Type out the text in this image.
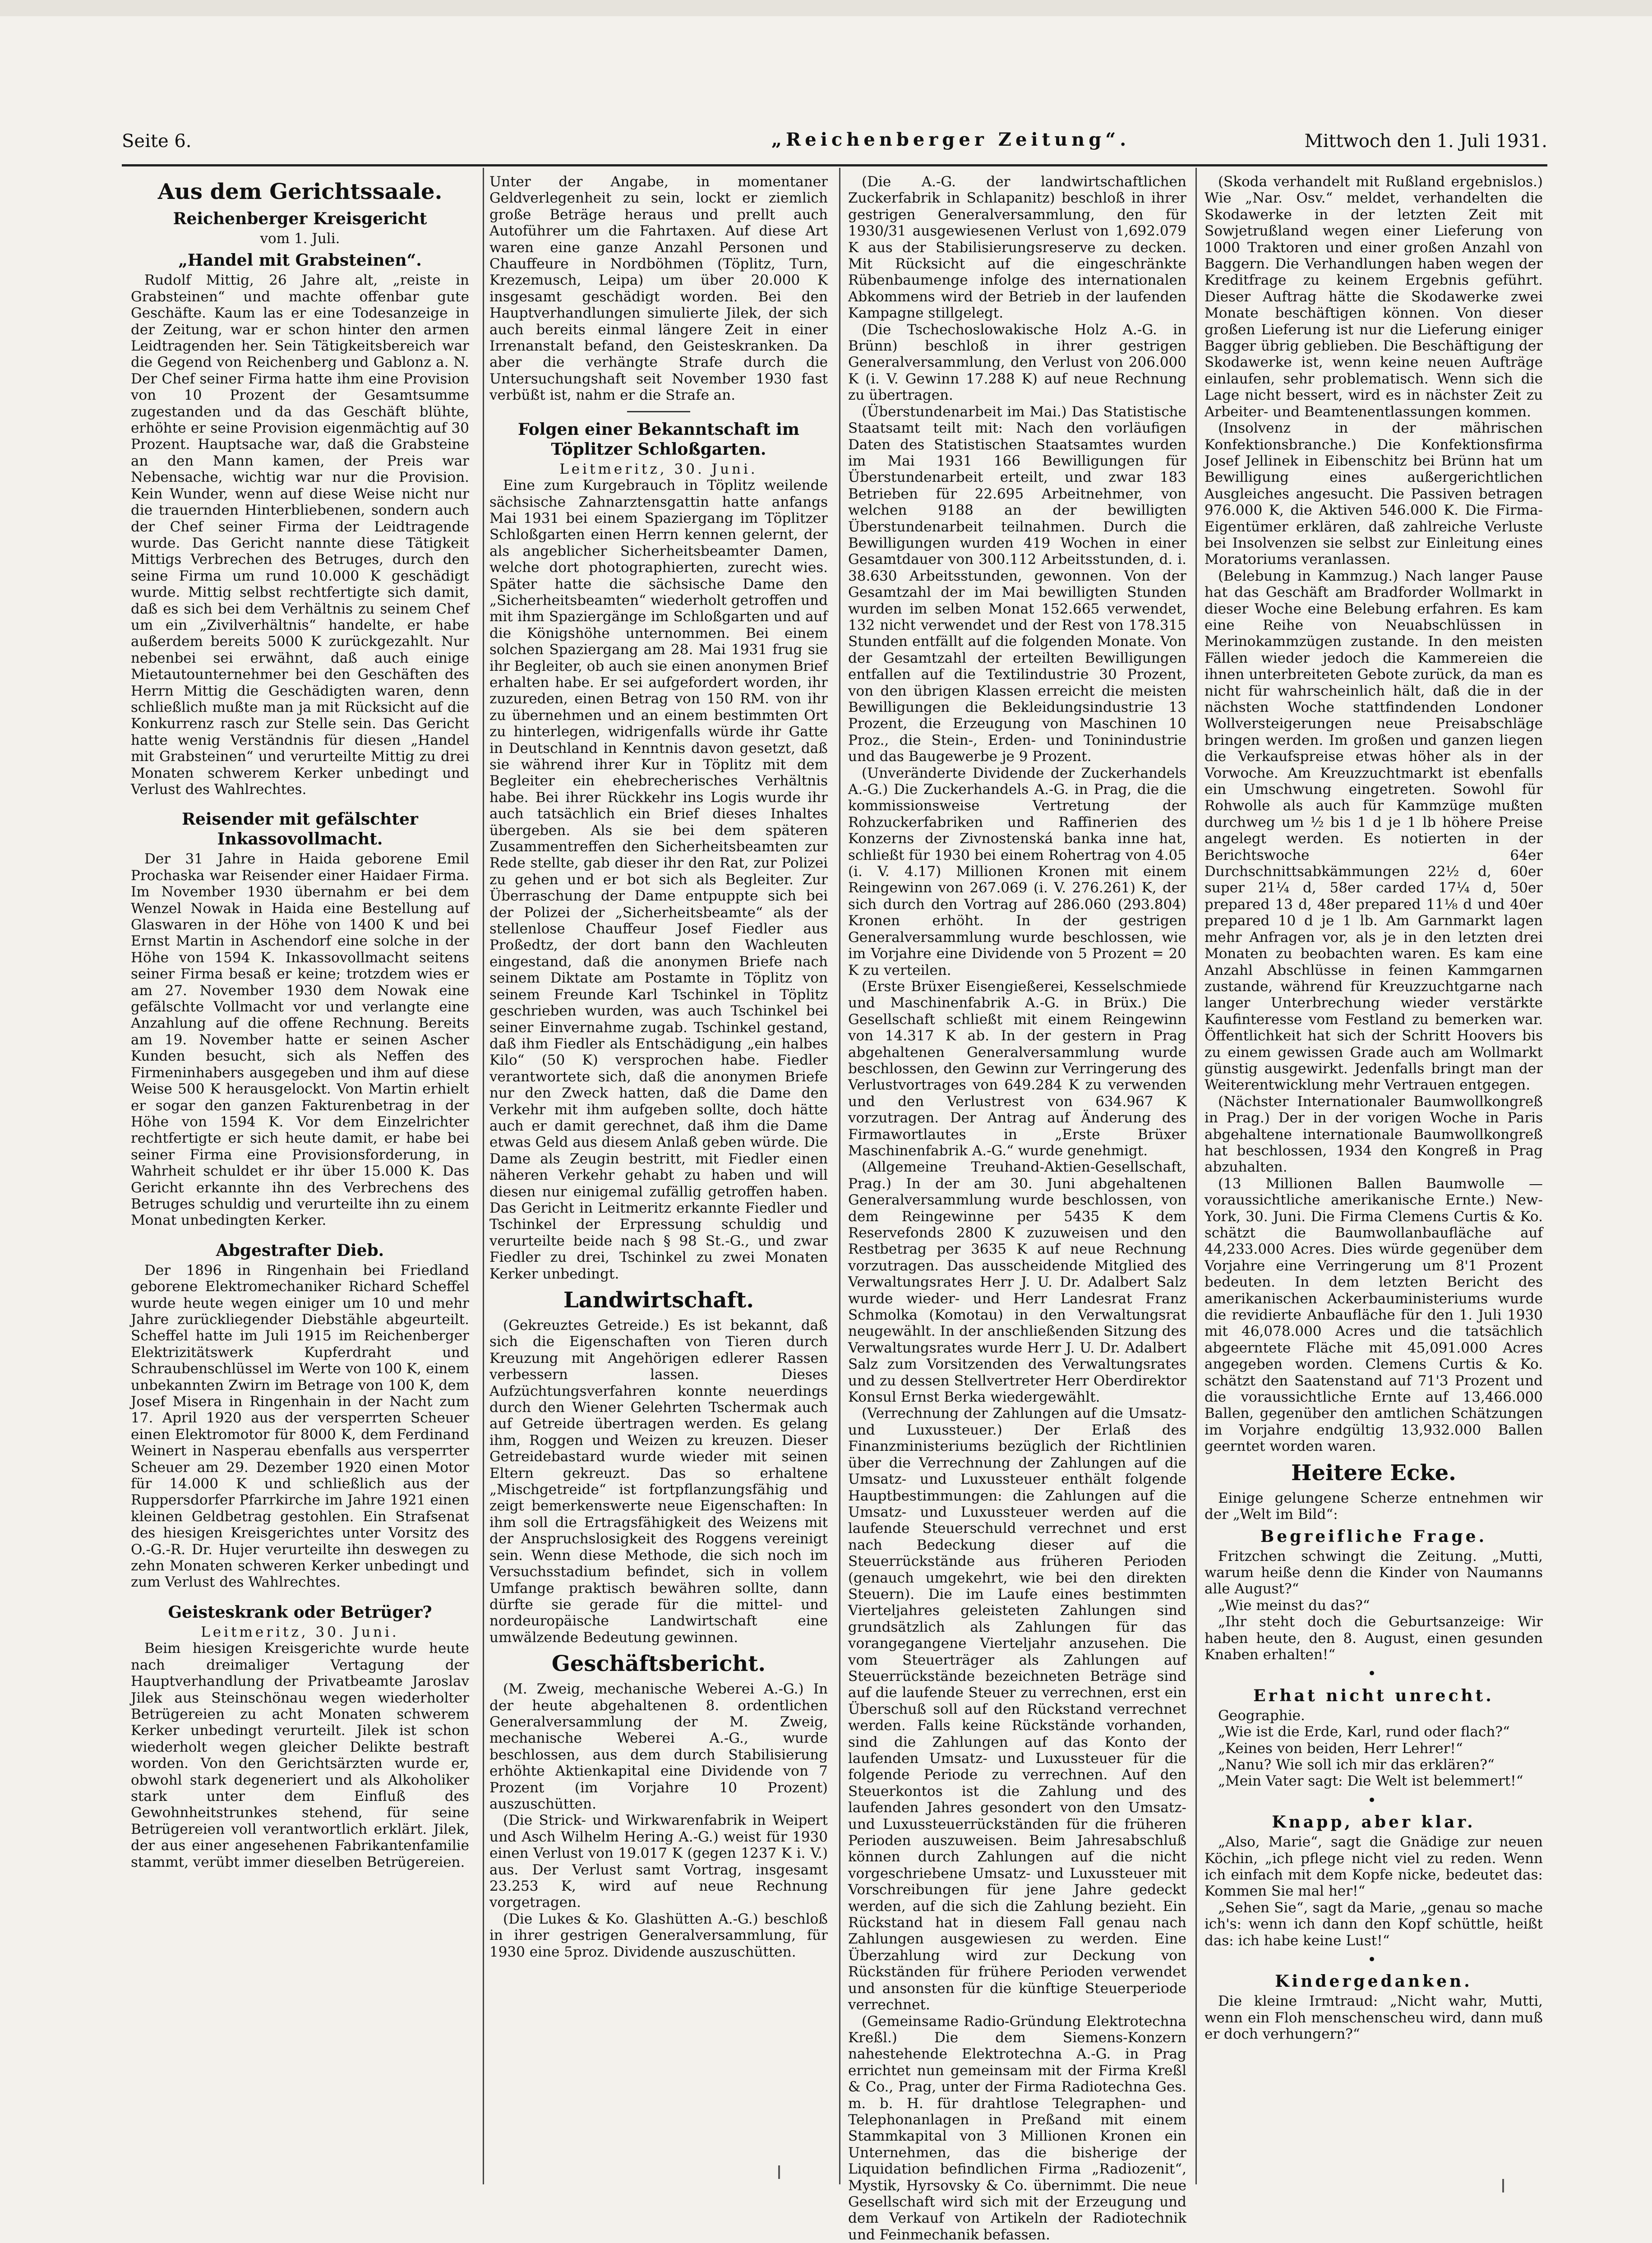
Seite 6.	„Reichenberger Zeitung“.	Mittwoch den 1. Juli 1931.
Aus dem Gerichtssaale.
Reichenberger Kreisgericht

vom 1. Juli.

„Handel mit Grabsteinen“.

Rudolf Mittig, 26 Jahre alt, „reiste in Grabsteinen“ und machte offenbar gute Geschäfte. Kaum las er eine Todesanzeige in der Zeitung, war er schon hinter den armen Leidtragenden her. Sein Tätigkeitsbereich war die Gegend von Reichenberg und Gablonz a. N. Der Chef seiner Firma hatte ihm eine Provision von 10 Prozent der Gesamtsumme zugestanden und da das Geschäft blühte, erhöhte er seine Provision eigenmächtig auf 30 Prozent. Hauptsache war, daß die Grabsteine an den Mann kamen, der Preis war Nebensache, wichtig war nur die Provision. Kein Wunder, wenn auf diese Weise nicht nur die trauernden Hinterbliebenen, sondern auch der Chef seiner Firma der Leidtragende wurde. Das Gericht nannte diese Tätigkeit Mittigs Verbrechen des Betruges, durch den seine Firma um rund 10.000 K geschädigt wurde. Mittig selbst rechtfertigte sich damit, daß es sich bei dem Verhältnis zu seinem Chef um ein „Zivilverhältnis“ handelte, er habe außerdem bereits 5000 K zurückgezahlt. Nur nebenbei sei erwähnt, daß auch einige Mietautounternehmer bei den Geschäften des Herrn Mittig die Geschädigten waren, denn schließlich mußte man ja mit Rücksicht auf die Konkurrenz rasch zur Stelle sein. Das Gericht hatte wenig Verständnis für diesen „Handel mit Grabsteinen“ und verurteilte Mittig zu drei Monaten schwerem Kerker unbedingt und Verlust des Wahlrechtes.

Reisender mit gefälschter Inkassovollmacht.

Der 31 Jahre in Haida geborene Emil Prochaska war Reisender einer Haidaer Firma. Im November 1930 übernahm er bei dem Wenzel Nowak in Haida eine Bestellung auf Glaswaren in der Höhe von 1400 K und bei Ernst Martin in Aschendorf eine solche in der Höhe von 1594 K. Inkassovollmacht seitens seiner Firma besaß er keine; trotzdem wies er am 27. November 1930 dem Nowak eine gefälschte Vollmacht vor und verlangte eine Anzahlung auf die offene Rechnung. Bereits am 19. November hatte er seinen Ascher Kunden besucht, sich als Neffen des Firmeninhabers ausgegeben und ihm auf diese Weise 500 K herausgelockt. Von Martin erhielt er sogar den ganzen Fakturenbetrag in der Höhe von 1594 K. Vor dem Einzelrichter rechtfertigte er sich heute damit, er habe bei seiner Firma eine Provisionsforderung, in Wahrheit schuldet er ihr über 15.000 K. Das Gericht erkannte ihn des Verbrechens des Betruges schuldig und verurteilte ihn zu einem Monat unbedingten Kerker.

Abgestrafter Dieb.

Der 1896 in Ringenhain bei Friedland geborene Elektromechaniker Richard Scheffel wurde heute wegen einiger um 10 und mehr Jahre zurückliegender Diebstähle abgeurteilt. Scheffel hatte im Juli 1915 im Reichenberger Elektrizitätswerk Kupferdraht und Schraubenschlüssel im Werte von 100 K, einem unbekannten Zwirn im Betrage von 100 K, dem Josef Misera in Ringenhain in der Nacht zum 17. April 1920 aus der versperrten Scheuer einen Elektromotor für 8000 K, dem Ferdinand Weinert in Nasperau ebenfalls aus versperrter Scheuer am 29. Dezember 1920 einen Motor für 14.000 K und schließlich aus der Ruppersdorfer Pfarrkirche im Jahre 1921 einen kleinen Geldbetrag gestohlen. Ein Strafsenat des hiesigen Kreisgerichtes unter Vorsitz des O.-G.-R. Dr. Hujer verurteilte ihn deswegen zu zehn Monaten schweren Kerker unbedingt und zum Verlust des Wahlrechtes.

Geisteskrank oder Betrüger?

Leitmeritz, 30. Juni.

Beim hiesigen Kreisgerichte wurde heute nach dreimaliger Vertagung der Hauptverhandlung der Privatbeamte Jaroslav Jilek aus Steinschönau wegen wiederholter Betrügereien zu acht Monaten schwerem Kerker unbedingt verurteilt. Jilek ist schon wiederholt wegen gleicher Delikte bestraft worden. Von den Gerichtsärzten wurde er, obwohl stark degeneriert und als Alkoholiker stark unter dem Einfluß des Gewohnheitstrunkes stehend, für seine Betrügereien voll verantwortlich erklärt. Jilek, der aus einer angesehenen Fabrikantenfamilie stammt, verübt immer dieselben Betrügereien.

Unter der Angabe, in momentaner Geldverlegenheit zu sein, lockt er ziemlich große Beträge heraus und prellt auch Autoführer um die Fahrtaxen. Auf diese Art waren eine ganze Anzahl Personen und Chauffeure in Nordböhmen (Töplitz, Turn, Krezemusch, Leipa) um über 20.000 K insgesamt geschädigt worden. Bei den Hauptverhandlungen simulierte Jilek, der sich auch bereits einmal längere Zeit in einer Irrenanstalt befand, den Geisteskranken. Da aber die verhängte Strafe durch die Untersuchungshaft seit November 1930 fast verbüßt ist, nahm er die Strafe an.

Folgen einer Bekanntschaft im Töplitzer Schloßgarten.

Leitmeritz, 30. Juni.

Eine zum Kurgebrauch in Töplitz weilende sächsische Zahnarztensgattin hatte anfangs Mai 1931 bei einem Spaziergang im Töplitzer Schloßgarten einen Herrn kennen gelernt, der als angeblicher Sicherheitsbeamter Damen, welche dort photographierten, zurecht wies. Später hatte die sächsische Dame den „Sicherheitsbeamten“ wiederholt getroffen und mit ihm Spaziergänge im Schloßgarten und auf die Königshöhe unternommen. Bei einem solchen Spaziergang am 28. Mai 1931 frug sie ihr Begleiter, ob auch sie einen anonymen Brief erhalten habe. Er sei aufgefordert worden, ihr zuzureden, einen Betrag von 150 RM. von ihr zu übernehmen und an einem bestimmten Ort zu hinterlegen, widrigenfalls würde ihr Gatte in Deutschland in Kenntnis davon gesetzt, daß sie während ihrer Kur in Töplitz mit dem Begleiter ein ehebrecherisches Verhältnis habe. Bei ihrer Rückkehr ins Logis wurde ihr auch tatsächlich ein Brief dieses Inhaltes übergeben. Als sie bei dem späteren Zusammentreffen den Sicherheitsbeamten zur Rede stellte, gab dieser ihr den Rat, zur Polizei zu gehen und er bot sich als Begleiter. Zur Überraschung der Dame entpuppte sich bei der Polizei der „Sicherheitsbeamte“ als der stellenlose Chauffeur Josef Fiedler aus Proßedtz, der dort bann den Wachleuten eingestand, daß die anonymen Briefe nach seinem Diktate am Postamte in Töplitz von seinem Freunde Karl Tschinkel in Töplitz geschrieben wurden, was auch Tschinkel bei seiner Einvernahme zugab. Tschinkel gestand, daß ihm Fiedler als Entschädigung „ein halbes Kilo“ (50 K) versprochen habe. Fiedler verantwortete sich, daß die anonymen Briefe nur den Zweck hatten, daß die Dame den Verkehr mit ihm aufgeben sollte, doch hätte auch er damit gerechnet, daß ihm die Dame etwas Geld aus diesem Anlaß geben würde. Die Dame als Zeugin bestritt, mit Fiedler einen näheren Verkehr gehabt zu haben und will diesen nur einigemal zufällig getroffen haben. Das Gericht in Leitmeritz erkannte Fiedler und Tschinkel der Erpressung schuldig und verurteilte beide nach § 98 St.-G., und zwar Fiedler zu drei, Tschinkel zu zwei Monaten Kerker unbedingt.

Landwirtschaft.

(Gekreuztes Getreide.) Es ist bekannt, daß sich die Eigenschaften von Tieren durch Kreuzung mit Angehörigen edlerer Rassen verbessern lassen. Dieses Aufzüchtungsverfahren konnte neuerdings durch den Wiener Gelehrten Tschermak auch auf Getreide übertragen werden. Es gelang ihm, Roggen und Weizen zu kreuzen. Dieser Getreidebastard wurde wieder mit seinen Eltern gekreuzt. Das so erhaltene „Mischgetreide“ ist fortpflanzungsfähig und zeigt bemerkenswerte neue Eigenschaften: In ihm soll die Ertragsfähigkeit des Weizens mit der Anspruchslosigkeit des Roggens vereinigt sein. Wenn diese Methode, die sich noch im Versuchsstadium befindet, sich in vollem Umfange praktisch bewähren sollte, dann dürfte sie gerade für die mittel- und nordeuropäische Landwirtschaft eine umwälzende Bedeutung gewinnen.

Geschäftsbericht.

(M. Zweig, mechanische Weberei A.-G.) In der heute abgehaltenen 8. ordentlichen Generalversammlung der M. Zweig, mechanische Weberei A.-G., wurde beschlossen, aus dem durch Stabilisierung erhöhte Aktienkapital eine Dividende von 7 Prozent (im Vorjahre 10 Prozent) auszuschütten.

(Die Strick- und Wirkwarenfabrik in Weipert und Asch Wilhelm Hering A.-G.) weist für 1930 einen Verlust von 19.017 K (gegen 1237 K i. V.) aus. Der Verlust samt Vortrag, insgesamt 23.253 K, wird auf neue Rechnung vorgetragen.

(Die Lukes & Ko. Glashütten A.-G.) beschloß in ihrer gestrigen Generalversammlung, für 1930 eine 5proz. Dividende auszuschütten.

(Die A.-G. der landwirtschaftlichen Zuckerfabrik in Schlapanitz) beschloß in ihrer gestrigen Generalversammlung, den für 1930/31 ausgewiesenen Verlust von 1,692.079 K aus der Stabilisierungsreserve zu decken. Mit Rücksicht auf die eingeschränkte Rübenbaumenge infolge des internationalen Abkommens wird der Betrieb in der laufenden Kampagne stillgelegt.

(Die Tschechoslowakische Holz A.-G. in Brünn) beschloß in ihrer gestrigen Generalversammlung, den Verlust von 206.000 K (i. V. Gewinn 17.288 K) auf neue Rechnung zu übertragen.

(Überstundenarbeit im Mai.) Das Statistische Staatsamt teilt mit: Nach den vorläufigen Daten des Statistischen Staatsamtes wurden im Mai 1931 166 Bewilligungen für Überstundenarbeit erteilt, und zwar 183 Betrieben für 22.695 Arbeitnehmer, von welchen 9188 an der bewilligten Überstundenarbeit teilnahmen. Durch die Bewilligungen wurden 419 Wochen in einer Gesamtdauer von 300.112 Arbeitsstunden, d. i. 38.630 Arbeitsstunden, gewonnen. Von der Gesamtzahl der im Mai bewilligten Stunden wurden im selben Monat 152.665 verwendet, 132 nicht verwendet und der Rest von 178.315 Stunden entfällt auf die folgenden Monate. Von der Gesamtzahl der erteilten Bewilligungen entfallen auf die Textilindustrie 30 Prozent, von den übrigen Klassen erreicht die meisten Bewilligungen die Bekleidungsindustrie 13 Prozent, die Erzeugung von Maschinen 10 Proz., die Stein-, Erden- und Toninindustrie und das Baugewerbe je 9 Prozent.

(Unveränderte Dividende der Zuckerhandels A.-G.) Die Zuckerhandels A.-G. in Prag, die die kommissionsweise Vertretung der Rohzuckerfabriken und Raffinerien des Konzerns der Zivnostenská banka inne hat, schließt für 1930 bei einem Rohertrag von 4.05 (i. V. 4.17) Millionen Kronen mit einem Reingewinn von 267.069 (i. V. 276.261) K, der sich durch den Vortrag auf 286.060 (293.804) Kronen erhöht. In der gestrigen Generalversammlung wurde beschlossen, wie im Vorjahre eine Dividende von 5 Prozent = 20 K zu verteilen.

(Erste Brüxer Eisengießerei, Kesselschmiede und Maschinenfabrik A.-G. in Brüx.) Die Gesellschaft schließt mit einem Reingewinn von 14.317 K ab. In der gestern in Prag abgehaltenen Generalversammlung wurde beschlossen, den Gewinn zur Verringerung des Verlustvortrages von 649.284 K zu verwenden und den Verlustrest von 634.967 K vorzutragen. Der Antrag auf Änderung des Firmawortlautes in „Erste Brüxer Maschinenfabrik A.-G.“ wurde genehmigt.

(Allgemeine Treuhand-Aktien-Gesellschaft, Prag.) In der am 30. Juni abgehaltenen Generalversammlung wurde beschlossen, von dem Reingewinne per 5435 K dem Reservefonds 2800 K zuzuweisen und den Restbetrag per 3635 K auf neue Rechnung vorzutragen. Das ausscheidende Mitglied des Verwaltungsrates Herr J. U. Dr. Adalbert Salz wurde wieder- und Herr Landesrat Franz Schmolka (Komotau) in den Verwaltungsrat neugewählt. In der anschließenden Sitzung des Verwaltungsrates wurde Herr J. U. Dr. Adalbert Salz zum Vorsitzenden des Verwaltungsrates und zu dessen Stellvertreter Herr Oberdirektor Konsul Ernst Berka wiedergewählt.

(Verrechnung der Zahlungen auf die Umsatz- und Luxussteuer.) Der Erlaß des Finanzministeriums bezüglich der Richtlinien über die Verrechnung der Zahlungen auf die Umsatz- und Luxussteuer enthält folgende Hauptbestimmungen: die Zahlungen auf die Umsatz- und Luxussteuer werden auf die laufende Steuerschuld verrechnet und erst nach Bedeckung dieser auf die Steuerrückstände aus früheren Perioden (genauch umgekehrt, wie bei den direkten Steuern). Die im Laufe eines bestimmten Vierteljahres geleisteten Zahlungen sind grundsätzlich als Zahlungen für das vorangegangene Vierteljahr anzusehen. Die vom Steuerträger als Zahlungen auf Steuerrückstände bezeichneten Beträge sind auf die laufende Steuer zu verrechnen, erst ein Überschuß soll auf den Rückstand verrechnet werden. Falls keine Rückstände vorhanden, sind die Zahlungen auf das Konto der laufenden Umsatz- und Luxussteuer für die folgende Periode zu verrechnen. Auf den Steuerkontos ist die Zahlung und des laufenden Jahres gesondert von den Umsatz- und Luxussteuerrückständen für die früheren Perioden auszuweisen. Beim Jahresabschluß können durch Zahlungen auf die nicht vorgeschriebene Umsatz- und Luxussteuer mit Vorschreibungen für jene Jahre gedeckt werden, auf die sich die Zahlung bezieht. Ein Rückstand hat in diesem Fall genau nach Zahlungen ausgewiesen zu werden. Eine Überzahlung wird zur Deckung von Rückständen für frühere Perioden verwendet und ansonsten für die künftige Steuerperiode verrechnet.

(Gemeinsame Radio-Gründung Elektrotechna Kreßl.) Die dem Siemens-Konzern nahestehende Elektrotechna A.-G. in Prag errichtet nun gemeinsam mit der Firma Kreßl & Co., Prag, unter der Firma Radiotechna Ges. m. b. H. für drahtlose Telegraphen- und Telephonanlagen in Preßand mit einem Stammkapital von 3 Millionen Kronen ein Unternehmen, das die bisherige der Liquidation befindlichen Firma „Radiozenit“, Mystik, Hyrsovsky & Co. übernimmt. Die neue Gesellschaft wird sich mit der Erzeugung und dem Verkauf von Artikeln der Radiotechnik und Feinmechanik befassen.

(Skoda verhandelt mit Rußland ergebnislos.) Wie „Nar. Osv.“ meldet, verhandelten die Skodawerke in der letzten Zeit mit Sowjetrußland wegen einer Lieferung von 1000 Traktoren und einer großen Anzahl von Baggern. Die Verhandlungen haben wegen der Kreditfrage zu keinem Ergebnis geführt. Dieser Auftrag hätte die Skodawerke zwei Monate beschäftigen können. Von dieser großen Lieferung ist nur die Lieferung einiger Bagger übrig geblieben. Die Beschäftigung der Skodawerke ist, wenn keine neuen Aufträge einlaufen, sehr problematisch. Wenn sich die Lage nicht bessert, wird es in nächster Zeit zu Arbeiter- und Beamtenentlassungen kommen.

(Insolvenz in der mährischen Konfektionsbranche.) Die Konfektionsfirma Josef Jellinek in Eibenschitz bei Brünn hat um Bewilligung eines außergerichtlichen Ausgleiches angesucht. Die Passiven betragen 976.000 K, die Aktiven 546.000 K. Die Firma-Eigentümer erklären, daß zahlreiche Verluste bei Insolvenzen sie selbst zur Einleitung eines Moratoriums veranlassen.

(Belebung in Kammzug.) Nach langer Pause hat das Geschäft am Bradforder Wollmarkt in dieser Woche eine Belebung erfahren. Es kam eine Reihe von Neuabschlüssen in Merinokammzügen zustande. In den meisten Fällen wieder jedoch die Kammereien die ihnen unterbreiteten Gebote zurück, da man es nicht für wahrscheinlich hält, daß die in der nächsten Woche stattfindenden Londoner Wollversteigerungen neue Preisabschläge bringen werden. Im großen und ganzen liegen die Verkaufspreise etwas höher als in der Vorwoche. Am Kreuzzuchtmarkt ist ebenfalls ein Umschwung eingetreten. Sowohl für Rohwolle als auch für Kammzüge mußten durchweg um ½ bis 1 d je 1 lb höhere Preise angelegt werden. Es notierten in der Berichtswoche 64er Durchschnittsabkämmungen 22½ d, 60er super 21¼ d, 58er carded 17¼ d, 50er prepared 13 d, 48er prepared 11⅛ d und 40er prepared 10 d je 1 lb. Am Garnmarkt lagen mehr Anfragen vor, als je in den letzten drei Monaten zu beobachten waren. Es kam eine Anzahl Abschlüsse in feinen Kammgarnen zustande, während für Kreuzzuchtgarne nach langer Unterbrechung wieder verstärkte Kaufinteresse vom Festland zu bemerken war. Öffentlichkeit hat sich der Schritt Hoovers bis zu einem gewissen Grade auch am Wollmarkt günstig ausgewirkt. Jedenfalls bringt man der Weiterentwicklung mehr Vertrauen entgegen.

(Nächster Internationaler Baumwollkongreß in Prag.) Der in der vorigen Woche in Paris abgehaltene internationale Baumwollkongreß hat beschlossen, 1934 den Kongreß in Prag abzuhalten.

(13 Millionen Ballen Baumwolle — voraussichtliche amerikanische Ernte.) New-York, 30. Juni. Die Firma Clemens Curtis & Ko. schätzt die Baumwollanbaufläche auf 44,233.000 Acres. Dies würde gegenüber dem Vorjahre eine Verringerung um 8'1 Prozent bedeuten. In dem letzten Bericht des amerikanischen Ackerbauministeriums wurde die revidierte Anbaufläche für den 1. Juli 1930 mit 46,078.000 Acres und die tatsächlich abgeerntete Fläche mit 45,091.000 Acres angegeben worden. Clemens Curtis & Ko. schätzt den Saatenstand auf 71'3 Prozent und die voraussichtliche Ernte auf 13,466.000 Ballen, gegenüber den amtlichen Schätzungen im Vorjahre endgültig 13,932.000 Ballen geerntet worden waren.

Heitere Ecke.

Einige gelungene Scherze entnehmen wir der „Welt im Bild“:

Begreifliche Frage.

Fritzchen schwingt die Zeitung. „Mutti, warum heiße denn die Kinder von Naumanns alle August?“

„Wie meinst du das?“

„Ihr steht doch die Geburtsanzeige: Wir haben heute, den 8. August, einen gesunden Knaben erhalten!“

•
Erhat nicht unrecht.

Geographie.

„Wie ist die Erde, Karl, rund oder flach?“

„Keines von beiden, Herr Lehrer!“

„Nanu? Wie soll ich mir das erklären?“

„Mein Vater sagt: Die Welt ist belemmert!“

•
Knapp, aber klar.

„Also, Marie“, sagt die Gnädige zur neuen Köchin, „ich pflege nicht viel zu reden. Wenn ich einfach mit dem Kopfe nicke, bedeutet das: Kommen Sie mal her!“

„Sehen Sie“, sagt da Marie, „genau so mache ich's: wenn ich dann den Kopf schüttle, heißt das: ich habe keine Lust!“

•
Kindergedanken.

Die kleine Irmtraud: „Nicht wahr, Mutti, wenn ein Floh menschenscheu wird, dann muß er doch verhungern?“
